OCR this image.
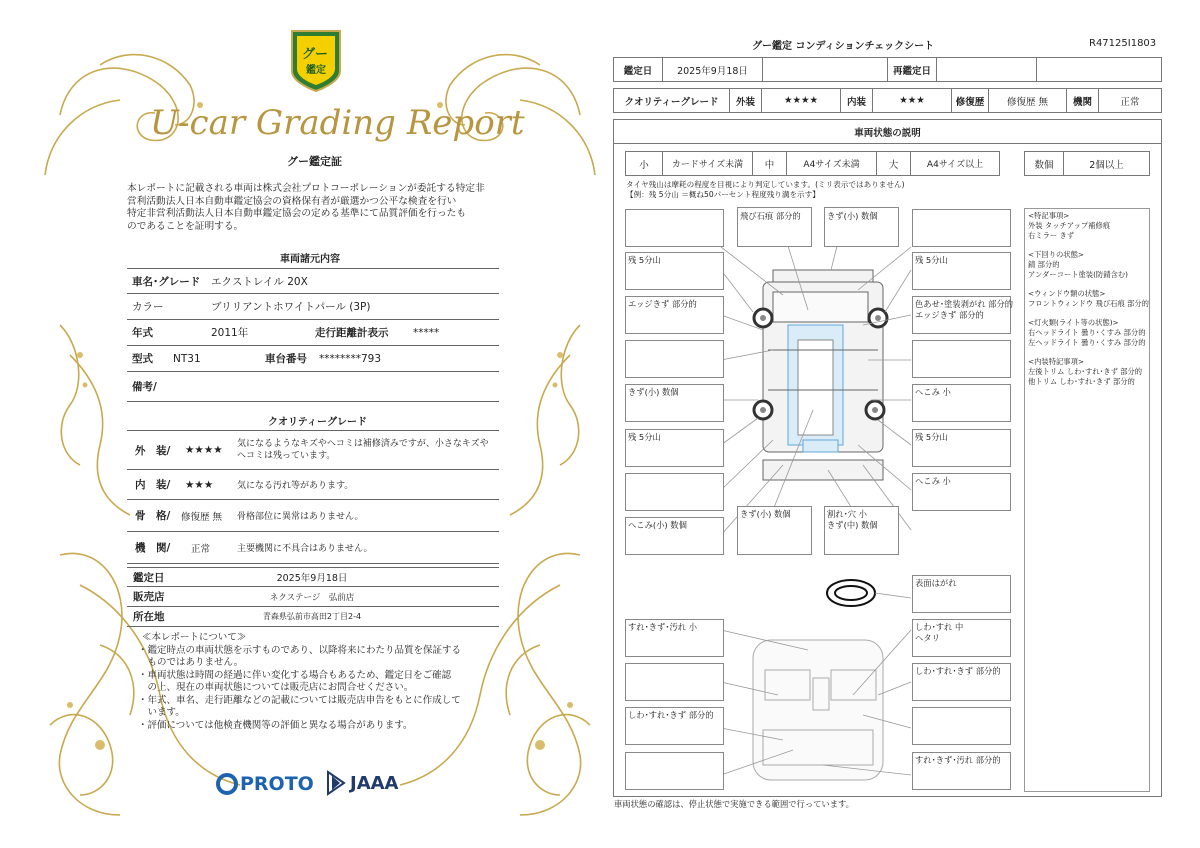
グー
鑑定
U-car Grading Report
グー鑑定証
本レポートに記載される車両は株式会社プロトコーポレーションが委託する特定非
営利活動法人日本自動車鑑定協会の資格保有者が厳選かつ公平な検査を行い
特定非営利活動法人日本自動車鑑定協会の定める基準にて品質評価を行ったも
のであることを証明する。
車両諸元内容
車名･グレード	エクストレイル 20X
カラー	ブリリアントホワイトパール (3P)
年式	2011年	走行距離計表示	*****
型式	NT31	車台番号	********793
備考/
クオリティーグレード
外　装/	★★★★	気になるようなキズやヘコミは補修済みですが、小さなキズや
ヘコミは残っています。
内　装/	★★★	気になる汚れ等があります。
骨　格/	修復歴 無	骨格部位に異常はありません。
機　関/	正常	主要機関に不具合はありません。
鑑定日	2025年9月18日
販売店	ネクステージ　弘前店
所在地	青森県弘前市高田2丁目2-4
≪本レポートについて≫
・鑑定時点の車両状態を示すものであり、以降将来にわたり品質を保証する
　ものではありません。
・車両状態は時間の経過に伴い変化する場合もあるため、鑑定日をご確認
　の上、現在の車両状態については販売店にお問合せください。
・年式、車名、走行距離などの記載については販売店申告をもとに作成して
　います。
・評価については他検査機関等の評価と異なる場合があります。
PROTO JAAA
グー鑑定 コンディションチェックシート	R47125I1803
鑑定日	2025年9月18日	再鑑定日
クオリティーグレード	外装	★★★★	内装	★★★	修復歴	修復歴 無	機関	正常
車両状態の説明
小	カードサイズ未満	中	A4サイズ未満	大	A4サイズ以上	数個	2個以上
タイヤ残山は摩耗の程度を目視により判定しています。(ミリ表示ではありません)
【例：残 5分山 ＝概ね50パーセント程度残り溝を示す】
飛び石痕 部分的	きず(小) 数個
残 5分山
エッジきず 部分的
きず(小) 数個
残 5分山
へこみ(小) 数個
残 5分山
色あせ･塗装剥がれ 部分的
エッジきず 部分的
へこみ 小
残 5分山
へこみ 小
きず(小) 数個	割れ･穴 小
きず(中) 数個
表面はがれ
すれ･きず･汚れ 小	しわ･すれ 中
ヘタリ
しわ･すれ･きず 部分的
しわ･すれ･きず 部分的
すれ･きず･汚れ 部分的
<特記事項>
外装 タッチアップ補修痕
右ミラー きず
<下回りの状態>
錆 部分的
アンダーコート塗装(防錆含む)
<ウィンドウ類の状態>
フロントウィンドウ 飛び石痕 部分的
<灯火類(ライト等の状態)>
右ヘッドライト 曇り･くすみ 部分的
左ヘッドライト 曇り･くすみ 部分的
<内装特記事項>
左後トリム しわ･すれ･きず 部分的
他トリム しわ･すれ･きず 部分的
車両状態の確認は、停止状態で実施できる範囲で行っています。
